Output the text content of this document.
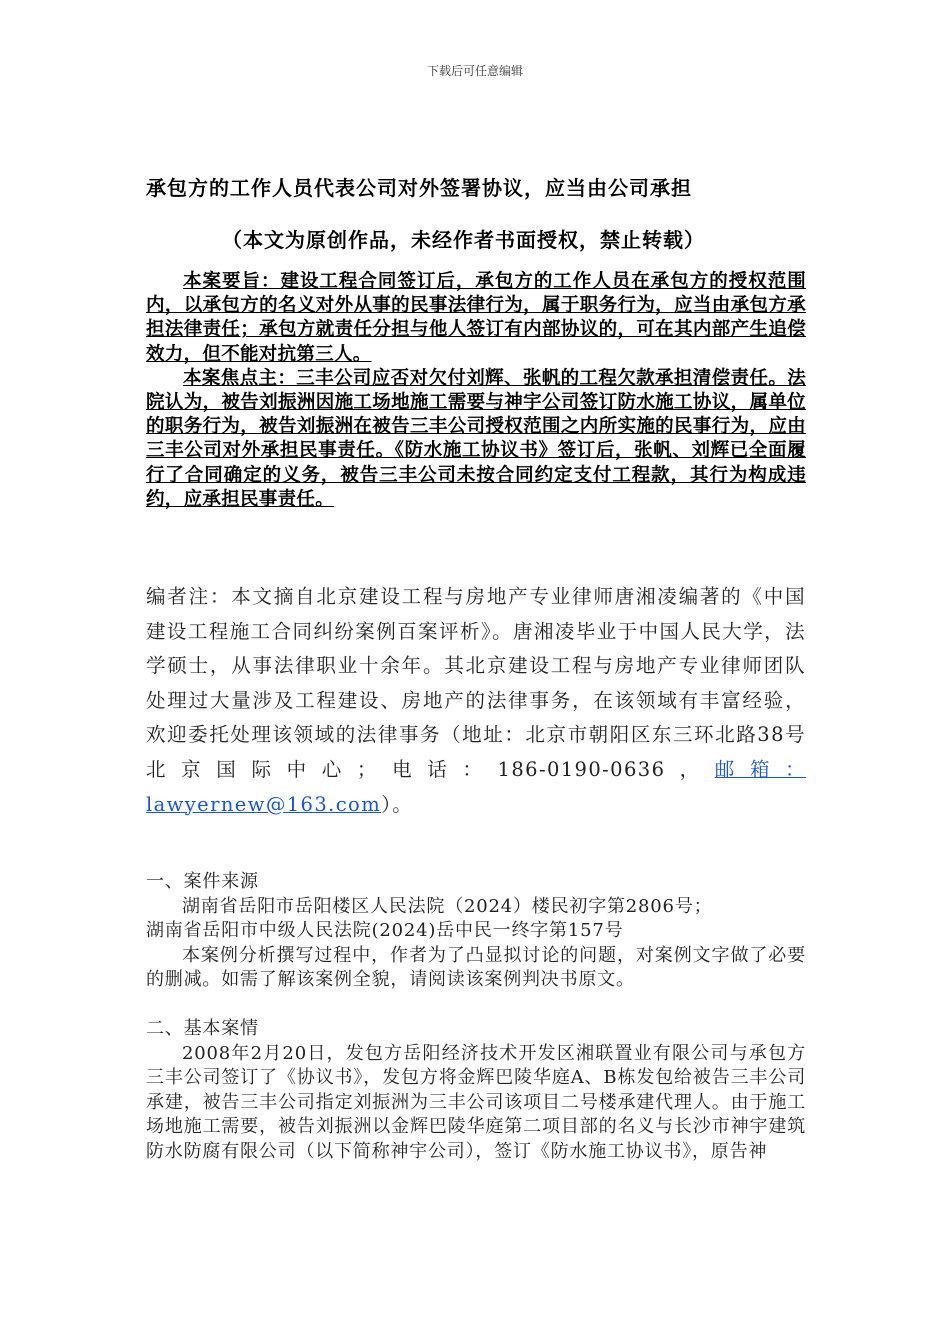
下载后可任意编辑
承包方的工作人员代表公司对外签署协议，应当由公司承担
（本文为原创作品，未经作者书面授权，禁止转载）

本案要旨：建设工程合同签订后，承包方的工作人员在承包方的授权范围内，以承包方的名义对外从事的民事法律行为，属于职务行为，应当由承包方承担法律责任；承包方就责任分担与他人签订有内部协议的，可在其内部产生追偿效力，但不能对抗第三人。

本案焦点主：三丰公司应否对欠付刘辉、张帆的工程欠款承担清偿责任。法院认为，被告刘振洲因施工场地施工需要与神宇公司签订防水施工协议，属单位的职务行为，被告刘振洲在被告三丰公司授权范围之内所实施的民事行为，应由三丰公司对外承担民事责任。《防水施工协议书》签订后，张帆、刘辉已全面履行了合同确定的义务，被告三丰公司未按合同约定支付工程款，其行为构成违约，应承担民事责任。

编者注：本文摘自北京建设工程与房地产专业律师唐湘凌编著的《中国建设工程施工合同纠纷案例百案评析》。唐湘凌毕业于中国人民大学，法学硕士，从事法律职业十余年。其北京建设工程与房地产专业律师团队处理过大量涉及工程建设、房地产的法律事务，在该领域有丰富经验，欢迎委托处理该领域的法律事务（地址：北京市朝阳区东三环北路38号北京国际中心；电话：186-0190-0636，邮箱：lawyernew@163.com）。

一、案件来源

湖南省岳阳市岳阳楼区人民法院（2024）楼民初字第2806号；

湖南省岳阳市中级人民法院(2024)岳中民一终字第157号

本案例分析撰写过程中，作者为了凸显拟讨论的问题，对案例文字做了必要的删减。如需了解该案例全貌，请阅读该案例判决书原文。

二、基本案情

2008年2月20日，发包方岳阳经济技术开发区湘联置业有限公司与承包方三丰公司签订了《协议书》，发包方将金辉巴陵华庭A、B栋发包给被告三丰公司承建，被告三丰公司指定刘振洲为三丰公司该项目二号楼承建代理人。由于施工场地施工需要，被告刘振洲以金辉巴陵华庭第二项目部的名义与长沙市神宇建筑防水防腐有限公司（以下简称神宇公司），签订《防水施工协议书》，原告神
